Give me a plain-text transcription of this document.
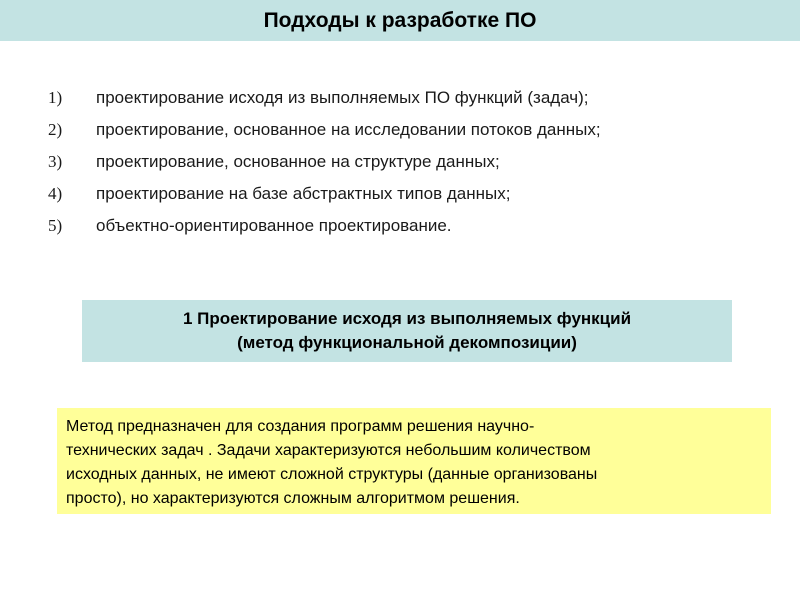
Подходы к разработке ПО
1)	проектирование исходя из выполняемых ПО функций (задач);
2)	проектирование, основанное на исследовании потоков данных;
3)	проектирование, основанное на структуре данных;
4)	проектирование на базе абстрактных типов данных;
5)	объектно-ориентированное проектирование.
1 Проектирование исходя из выполняемых функций
(метод функциональной декомпозиции)
Метод предназначен для создания программ решения научно-
технических задач . Задачи характеризуются небольшим количеством
исходных данных, не имеют сложной структуры (данные организованы
просто), но характеризуются сложным алгоритмом решения.
